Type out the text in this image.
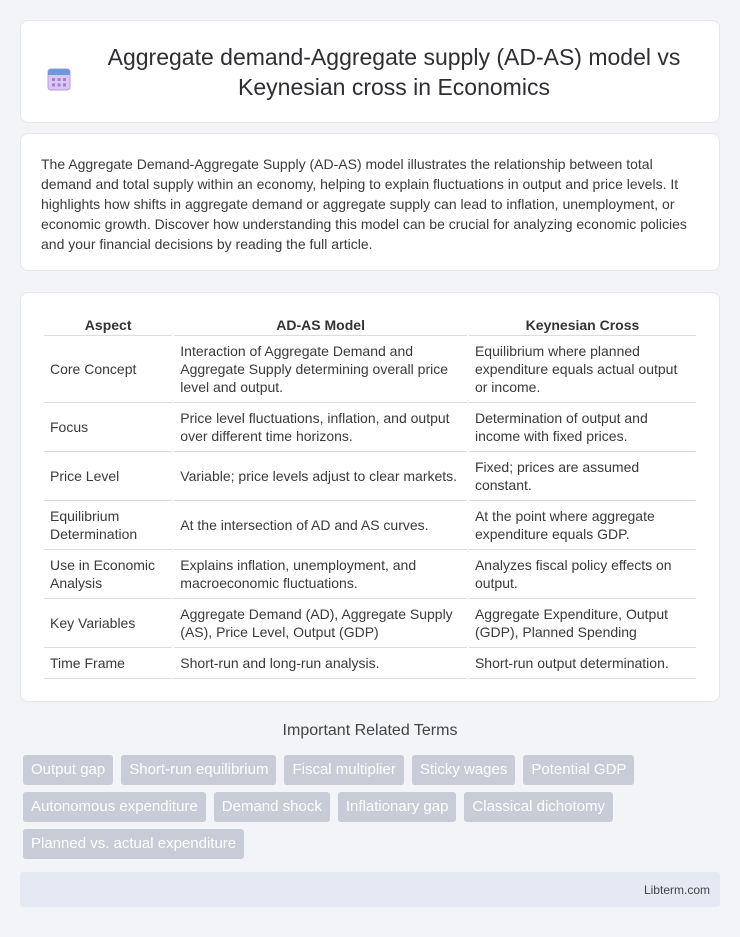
Aggregate demand-Aggregate supply (AD-AS) model vs Keynesian cross in Economics

The Aggregate Demand-Aggregate Supply (AD-AS) model illustrates the relationship between total demand and total supply within an economy, helping to explain fluctuations in output and price levels. It highlights how shifts in aggregate demand or aggregate supply can lead to inflation, unemployment, or economic growth. Discover how understanding this model can be crucial for analyzing economic policies and your financial decisions by reading the full article.

Aspect	AD-AS Model	Keynesian Cross
Core Concept	Interaction of Aggregate Demand and Aggregate Supply determining overall price level and output.	Equilibrium where planned expenditure equals actual output or income.
Focus	Price level fluctuations, inflation, and output over different time horizons.	Determination of output and income with fixed prices.
Price Level	Variable; price levels adjust to clear markets.	Fixed; prices are assumed constant.
Equilibrium Determination	At the intersection of AD and AS curves.	At the point where aggregate expenditure equals GDP.
Use in Economic Analysis	Explains inflation, unemployment, and macroeconomic fluctuations.	Analyzes fiscal policy effects on output.
Key Variables	Aggregate Demand (AD), Aggregate Supply (AS), Price Level, Output (GDP)	Aggregate Expenditure, Output (GDP), Planned Spending
Time Frame	Short-run and long-run analysis.	Short-run output determination.
Important Related Terms
Output gap	Short-run equilibrium	Fiscal multiplier	Sticky wages	Potential GDP
Autonomous expenditure	Demand shock	Inflationary gap	Classical dichotomy
Planned vs. actual expenditure
Libterm.com
